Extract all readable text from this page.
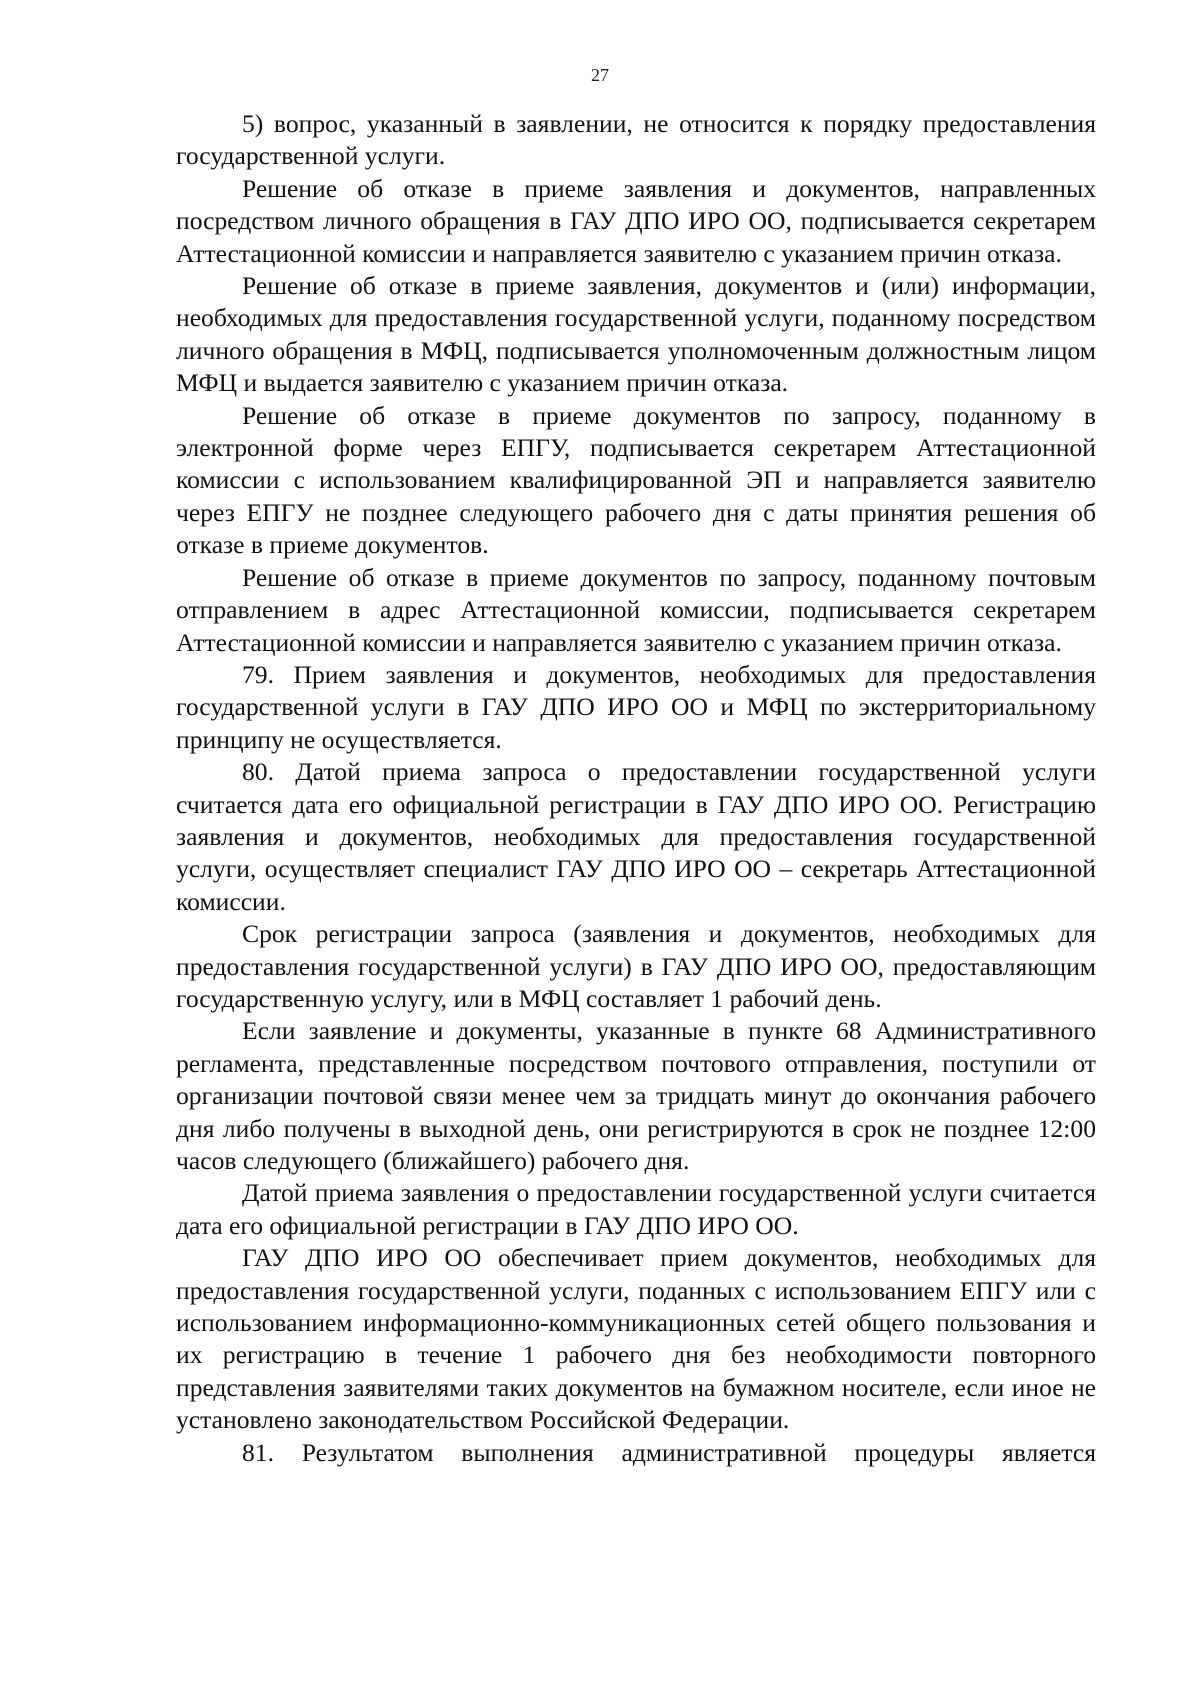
27

5) вопрос, указанный в заявлении, не относится к порядку предоставления государственной услуги.

Решение об отказе в приеме заявления и документов, направленных посредством личного обращения в ГАУ ДПО ИРО ОО, подписывается секретарем Аттестационной комиссии и направляется заявителю с указанием причин отказа.

Решение об отказе в приеме заявления, документов и (или) информации, необходимых для предоставления государственной услуги, поданному посредством личного обращения в МФЦ, подписывается уполномоченным должностным лицом МФЦ и выдается заявителю с указанием причин отказа.

Решение об отказе в приеме документов по запросу, поданному в электронной форме через ЕПГУ, подписывается секретарем Аттестационной комиссии с использованием квалифицированной ЭП и направляется заявителю через ЕПГУ не позднее следующего рабочего дня с даты принятия решения об отказе в приеме документов.

Решение об отказе в приеме документов по запросу, поданному почтовым отправлением в адрес Аттестационной комиссии, подписывается секретарем Аттестационной комиссии и направляется заявителю с указанием причин отказа.

79. Прием заявления и документов, необходимых для предоставления государственной услуги в ГАУ ДПО ИРО ОО и МФЦ по экстерриториальному принципу не осуществляется.

80. Датой приема запроса о предоставлении государственной услуги считается дата его официальной регистрации в ГАУ ДПО ИРО ОО. Регистрацию заявления и документов, необходимых для предоставления государственной услуги, осуществляет специалист ГАУ ДПО ИРО ОО – секретарь Аттестационной комиссии.

Срок регистрации запроса (заявления и документов, необходимых для предоставления государственной услуги) в ГАУ ДПО ИРО ОО, предоставляющим государственную услугу, или в МФЦ составляет 1 рабочий день.

Если заявление и документы, указанные в пункте 68 Административного регламента, представленные посредством почтового отправления, поступили от организации почтовой связи менее чем за тридцать минут до окончания рабочего дня либо получены в выходной день, они регистрируются в срок не позднее 12:00 часов следующего (ближайшего) рабочего дня.

Датой приема заявления о предоставлении государственной услуги считается дата его официальной регистрации в ГАУ ДПО ИРО ОО.

ГАУ ДПО ИРО ОО обеспечивает прием документов, необходимых для предоставления государственной услуги, поданных с использованием ЕПГУ или с использованием информационно-коммуникационных сетей общего пользования и их регистрацию в течение 1 рабочего дня без необходимости повторного представления заявителями таких документов на бумажном носителе, если иное не установлено законодательством Российской Федерации.

81. Результатом выполнения административной процедуры является
